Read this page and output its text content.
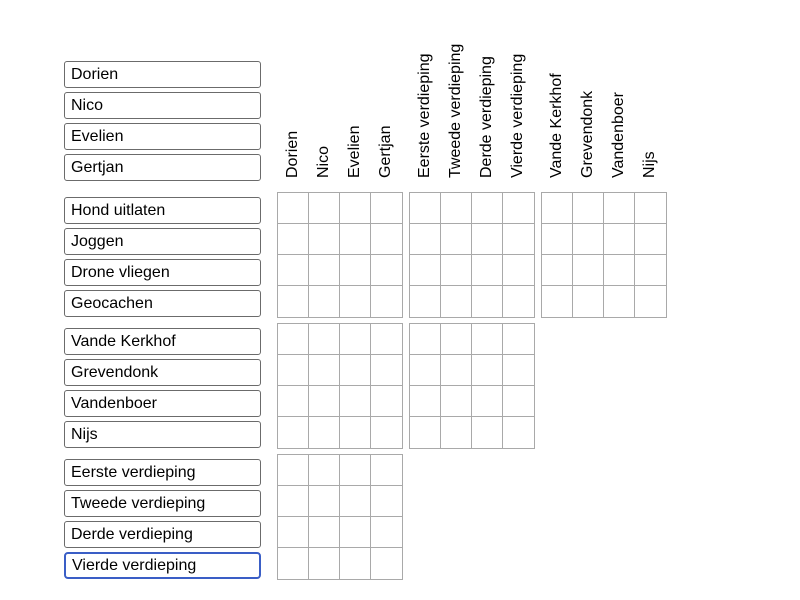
Dorien
Nico
Evelien
Gertjan
Hond uitlaten
Joggen
Drone vliegen
Geocachen
Vande Kerkhof
Grevendonk
Vandenboer
Nijs
Eerste verdieping
Tweede verdieping
Derde verdieping
Vierde verdieping
Dorien Nico Evelien Gertjan	Eerste verdieping Tweede verdieping Derde verdieping Vierde verdieping	Vande Kerkhof Grevendonk Vandenboer Nijs
